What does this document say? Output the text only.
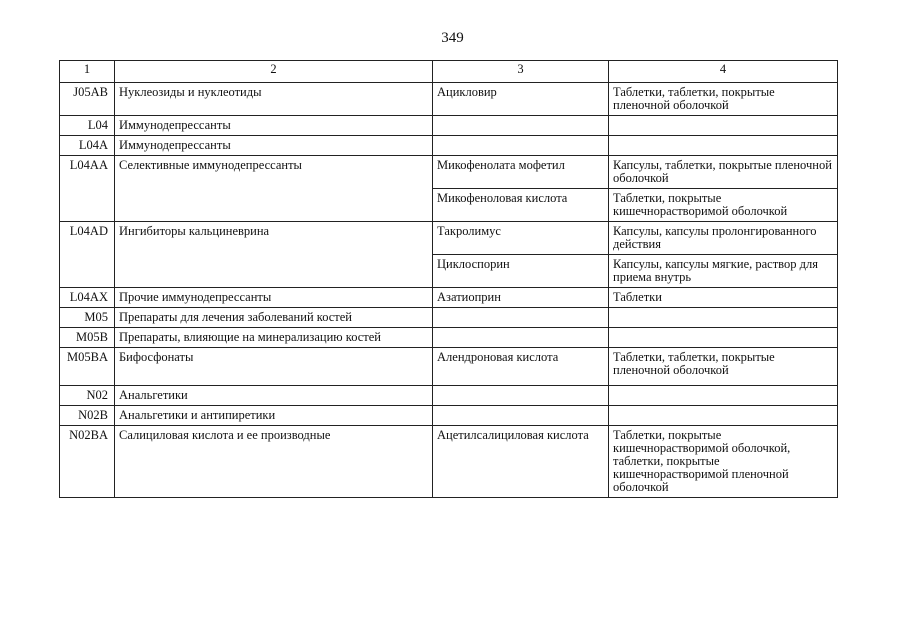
349
1	2	3	4
J05AB	Нуклеозиды и нуклеотиды	Ацикловир	Таблетки, таблетки, покрытые пленочной оболочкой
L04	Иммунодепрессанты		
L04A	Иммунодепрессанты		
L04AA	Селективные иммунодепрессанты	Микофенолата мофетил	Капсулы, таблетки, покрытые пленочной оболочкой
		Микофеноловая кислота	Таблетки, покрытые кишечнорастворимой оболочкой
L04AD	Ингибиторы кальциневрина	Такролимус	Капсулы, капсулы пролонгированного действия
		Циклоспорин	Капсулы, капсулы мягкие, раствор для приема внутрь
L04AX	Прочие иммунодепрессанты	Азатиоприн	Таблетки
M05	Препараты для лечения заболеваний костей		
M05B	Препараты, влияющие на минерализацию костей		
M05BA	Бифосфонаты	Алендроновая кислота	Таблетки, таблетки, покрытые пленочной оболочкой
N02	Анальгетики		
N02B	Анальгетики и антипиретики		
N02BA	Салициловая кислота и ее производные	Ацетилсалициловая кислота	Таблетки, покрытые кишечнорастворимой оболочкой, таблетки, покрытые кишечнорастворимой пленочной оболочкой
